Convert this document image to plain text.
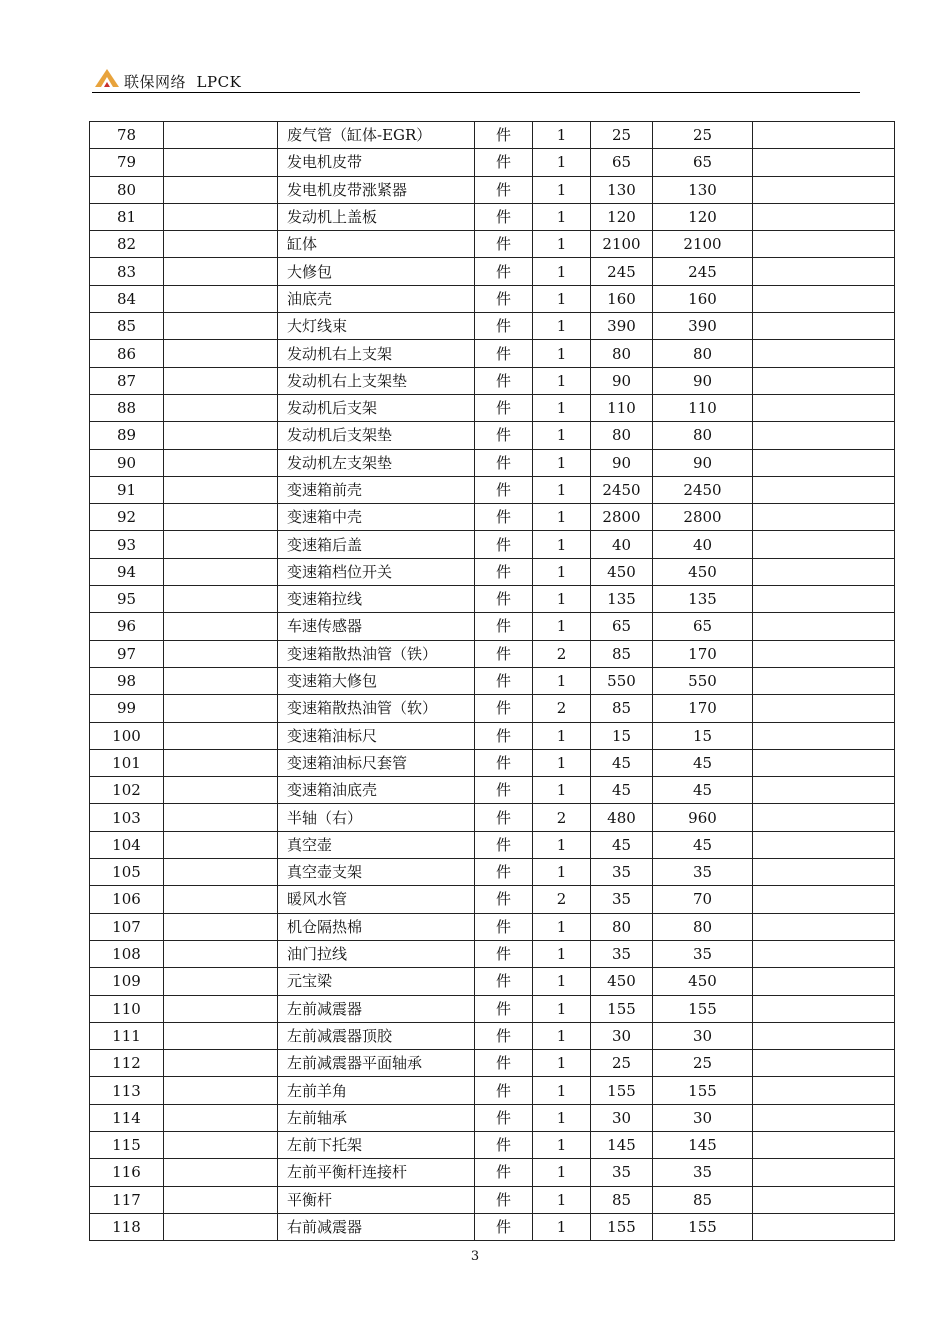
联保网络  LPCK
78		废气管（缸体-EGR）	件	1	25	25	
79		发电机皮带	件	1	65	65	
80		发电机皮带涨紧器	件	1	130	130	
81		发动机上盖板	件	1	120	120	
82		缸体	件	1	2100	2100	
83		大修包	件	1	245	245	
84		油底壳	件	1	160	160	
85		大灯线束	件	1	390	390	
86		发动机右上支架	件	1	80	80	
87		发动机右上支架垫	件	1	90	90	
88		发动机后支架	件	1	110	110	
89		发动机后支架垫	件	1	80	80	
90		发动机左支架垫	件	1	90	90	
91		变速箱前壳	件	1	2450	2450	
92		变速箱中壳	件	1	2800	2800	
93		变速箱后盖	件	1	40	40	
94		变速箱档位开关	件	1	450	450	
95		变速箱拉线	件	1	135	135	
96		车速传感器	件	1	65	65	
97		变速箱散热油管（铁）	件	2	85	170	
98		变速箱大修包	件	1	550	550	
99		变速箱散热油管（软）	件	2	85	170	
100		变速箱油标尺	件	1	15	15	
101		变速箱油标尺套管	件	1	45	45	
102		变速箱油底壳	件	1	45	45	
103		半轴（右）	件	2	480	960	
104		真空壶	件	1	45	45	
105		真空壶支架	件	1	35	35	
106		暖风水管	件	2	35	70	
107		机仓隔热棉	件	1	80	80	
108		油门拉线	件	1	35	35	
109		元宝梁	件	1	450	450	
110		左前减震器	件	1	155	155	
111		左前减震器顶胶	件	1	30	30	
112		左前减震器平面轴承	件	1	25	25	
113		左前羊角	件	1	155	155	
114		左前轴承	件	1	30	30	
115		左前下托架	件	1	145	145	
116		左前平衡杆连接杆	件	1	35	35	
117		平衡杆	件	1	85	85	
118		右前减震器	件	1	155	155	
3
